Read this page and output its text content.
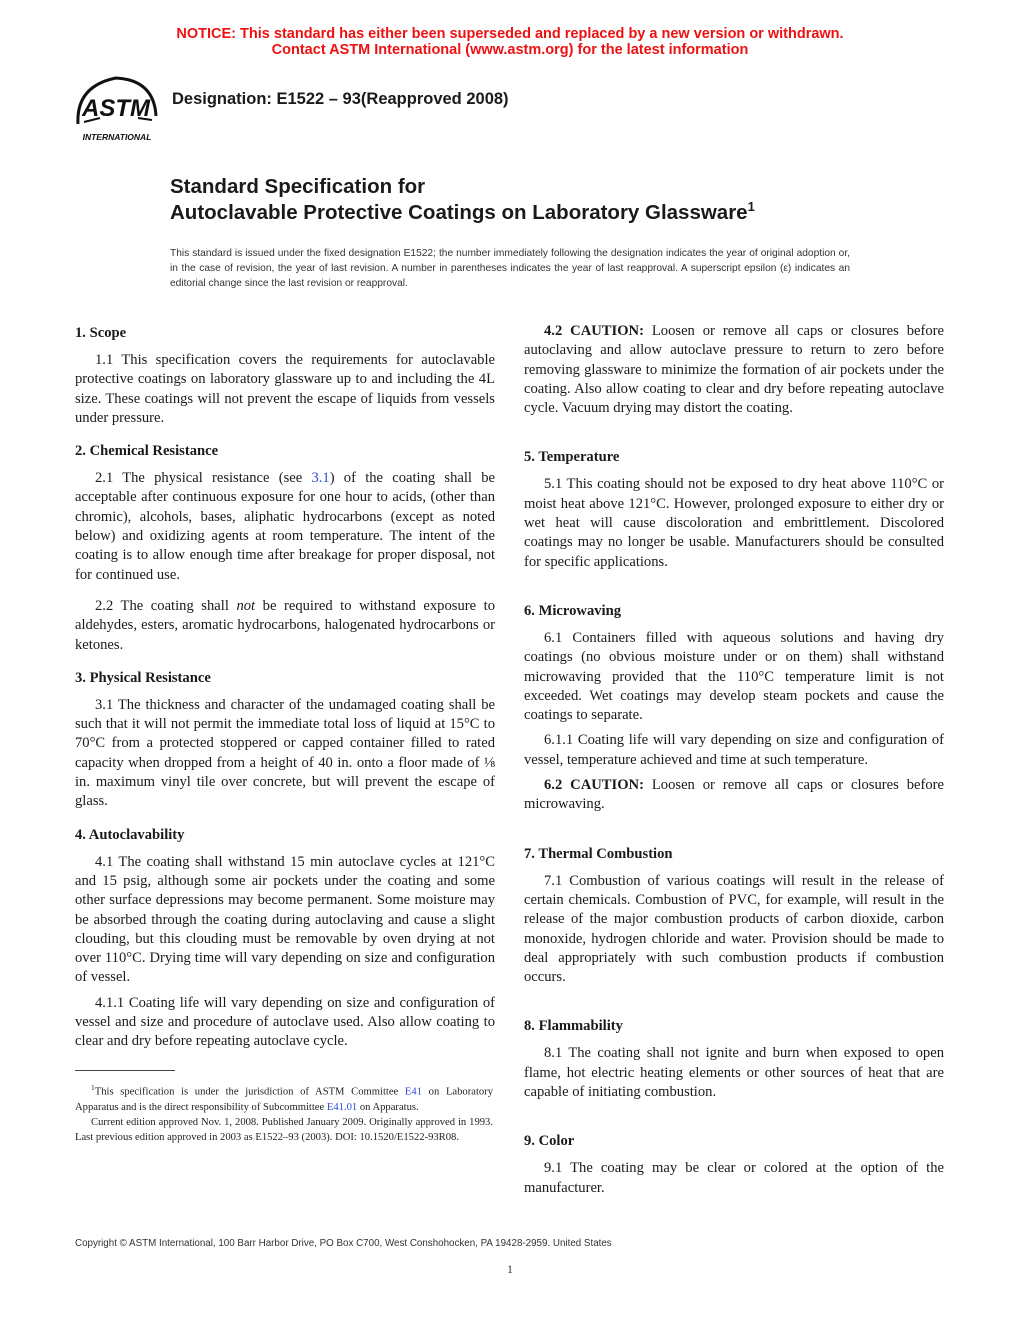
NOTICE: This standard has either been superseded and replaced by a new version or withdrawn.
Contact ASTM International (www.astm.org) for the latest information
ASTM
INTERNATIONAL
Designation: E1522 – 93(Reapproved 2008)
Standard Specification for
Autoclavable Protective Coatings on Laboratory Glassware$^1$
This standard is issued under the fixed designation E1522; the number immediately following the designation indicates the year of original adoption or, in the case of revision, the year of last revision. A number in parentheses indicates the year of last reapproval. A superscript epsilon (ε) indicates an editorial change since the last revision or reapproval.
1. Scope

1.1 This specification covers the requirements for autoclavable protective coatings on laboratory glassware up to and including the 4L size. These coatings will not prevent the escape of liquids from vessels under pressure.

2. Chemical Resistance

2.1 The physical resistance (see 3.1) of the coating shall be acceptable after continuous exposure for one hour to acids, (other than chromic), alcohols, bases, aliphatic hydrocarbons (except as noted below) and oxidizing agents at room temperature. The intent of the coating is to allow enough time after breakage for proper disposal, not for continued use.

2.2 The coating shall not be required to withstand exposure to aldehydes, esters, aromatic hydrocarbons, halogenated hydrocarbons or ketones.

3. Physical Resistance

3.1 The thickness and character of the undamaged coating shall be such that it will not permit the immediate total loss of liquid at 15°C to 70°C from a protected stoppered or capped container filled to rated capacity when dropped from a height of 40 in. onto a floor made of ⅛ in. maximum vinyl tile over concrete, but will prevent the escape of glass.

4. Autoclavability

4.1 The coating shall withstand 15 min autoclave cycles at 121°C and 15 psig, although some air pockets under the coating and some other surface depressions may become permanent. Some moisture may be absorbed through the coating during autoclaving and cause a slight clouding, but this clouding must be removable by oven drying at not over 110°C. Drying time will vary depending on size and configuration of vessel.

4.1.1 Coating life will vary depending on size and configuration of vessel and size and procedure of autoclave used. Also allow coating to clear and dry before repeating autoclave cycle.

4.2 CAUTION: Loosen or remove all caps or closures before autoclaving and allow autoclave pressure to return to zero before removing glassware to minimize the formation of air pockets under the coating. Also allow coating to clear and dry before repeating autoclave cycle. Vacuum drying may distort the coating.

5. Temperature

5.1 This coating should not be exposed to dry heat above 110°C or moist heat above 121°C. However, prolonged exposure to either dry or wet heat will cause discoloration and embrittlement. Discolored coatings may no longer be usable. Manufacturers should be consulted for specific applications.

6. Microwaving

6.1 Containers filled with aqueous solutions and having dry coatings (no obvious moisture under or on them) shall withstand microwaving provided that the 110°C temperature limit is not exceeded. Wet coatings may develop steam pockets and cause the coatings to separate.

6.1.1 Coating life will vary depending on size and configuration of vessel, temperature achieved and time at such temperature.

6.2 CAUTION: Loosen or remove all caps or closures before microwaving.

7. Thermal Combustion

7.1 Combustion of various coatings will result in the release of certain chemicals. Combustion of PVC, for example, will result in the release of the major combustion products of carbon dioxide, carbon monoxide, hydrogen chloride and water. Provision should be made to deal appropriately with such combustion products if combustion occurs.

8. Flammability

8.1 The coating shall not ignite and burn when exposed to open flame, hot electric heating elements or other sources of heat that are capable of initiating combustion.

9. Color

9.1 The coating may be clear or colored at the option of the manufacturer.

$^1$This specification is under the jurisdiction of ASTM Committee E41 on Laboratory Apparatus and is the direct responsibility of Subcommittee E41.01 on Apparatus.

Current edition approved Nov. 1, 2008. Published January 2009. Originally approved in 1993. Last previous edition approved in 2003 as E1522–93 (2003). DOI: 10.1520/E1522-93R08.

Copyright © ASTM International, 100 Barr Harbor Drive, PO Box C700, West Conshohocken, PA 19428-2959. United States
1
